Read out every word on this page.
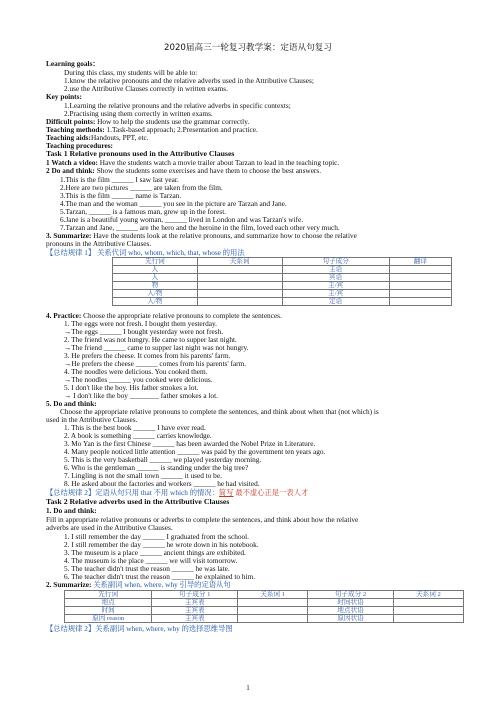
2020届高三一轮复习教学案：定语从句复习
Learning goals：
During this class, my students will be able to:
1.know the relative pronouns and the relative adverbs used in the Attributive Clauses;
2.use the Attributive Clauses correctly in written exams.
Key points:
1.Learning the relative pronouns and the relative adverbs in specific contexts;
2.Practising using them correctly in written exams.
Difficult points: How to help the students use the grammar correctly.
Teaching methods: 1.Task-based approach; 2.Presentation and practice.
Teaching aids:Handouts, PPT, etc.
Teaching procedures:
Task 1 Relative pronouns used in the Attributive Clauses
1 Watch a video: Have the students watch a movie trailer about Tarzan to lead in the teaching topic.
2 Do and think: Show the students some exercises and have them to choose the best answers.
1.This is the film ______ I saw last year.
2.Here are two pictures ______ are taken from the film.
3.This is the film ______ name is Tarzan.
4.The man and the woman ______ you see in the picture are Tarzan and Jane.
5.Tarzan, ______ is a famous man, grew up in the forest.
6.Jane is a beautiful young woman, ______ lived in London and was Tarzan's wife.
7.Tarzan and Jane, ______ are the hero and the heroine in the film, loved each other very much.
3. Summarize: Have the students look at the relative pronouns, and summarize how to choose the relative
pronouns in the Attributive Clauses.
【总结规律 1】 关系代词 who, whom, which, that, whose 的用法
先行词	关系词	句子成分	翻译
人		主语	
人		宾语	
物		主/宾	
人/物		主/宾	
人/物		定语	
4. Practice: Choose the appropriate relative pronouns to complete the sentences.
1. The eggs were not fresh. I bought them yesterday.
→The eggs ______ I bought yesterday were not fresh.
2. The friend was not hungry. He came to supper last night.
→The friend ______ came to supper last night was not hungry.
3. He prefers the cheese. It comes from his parents' farm.
→He prefers the cheese ______ comes from his parents' farm.
4. The noodles were delicious. You cooked them.
→The noodles ______ you cooked were delicious.
5. I don't like the boy. His father smokes a lot.
→ I don't like the boy ________ father smokes a lot.
5. Do and think:
Choose the appropriate relative pronouns to complete the sentences, and think about when that (not which) is
used in the Attributive Clauses.
1. This is the best book ______ I have ever read.
2. A book is something ______ carries knowledge.
3. Mo Yan is the first Chinese ______ has been awarded the Nobel Prize in Literature.
4. Many people noticed little attention ______ was paid by the government ten years ago.
5. This is the very basketball ______ we played yesterday morning.
6. Who is the gentleman ______ is standing under the big tree?
7. Lingling is not the small town ______ it used to be.
8. He asked about the factories and workers ______ he had visited.
【总结规律 2】定语从句只用 that 不用 which 的情况：简写 最不虚心正是一表人才
Task 2 Relative adverbs used in the Attributive Clauses
1. Do and think:
Fill in appropriate relative pronouns or adverbs to complete the sentences, and think about how the relative
adverbs are used in the Attributive Clauses.
1. I still remember the day ______ I graduated from the school.
2. I still remember the day ______ he wrote down in his notebook.
3. The museum is a place ______ ancient things are exhibited.
4. The museum is the place ______ we will visit tomorrow.
5. The teacher didn't trust the reason ______ he was late.
6. The teacher didn't trust the reason ______ he explained to him.
2. Summarize: 关系副词 when, where, why 引导的定语从句
先行词	句子成分 1	关系词 1	句子成分 2	关系词 2
地点	主宾表		时间状语	
时间	主宾表		地点状语	
原因 reason	主宾表		原因状语	
【总结规律 2】关系副词 when, where, why 的选择思维导图
1
